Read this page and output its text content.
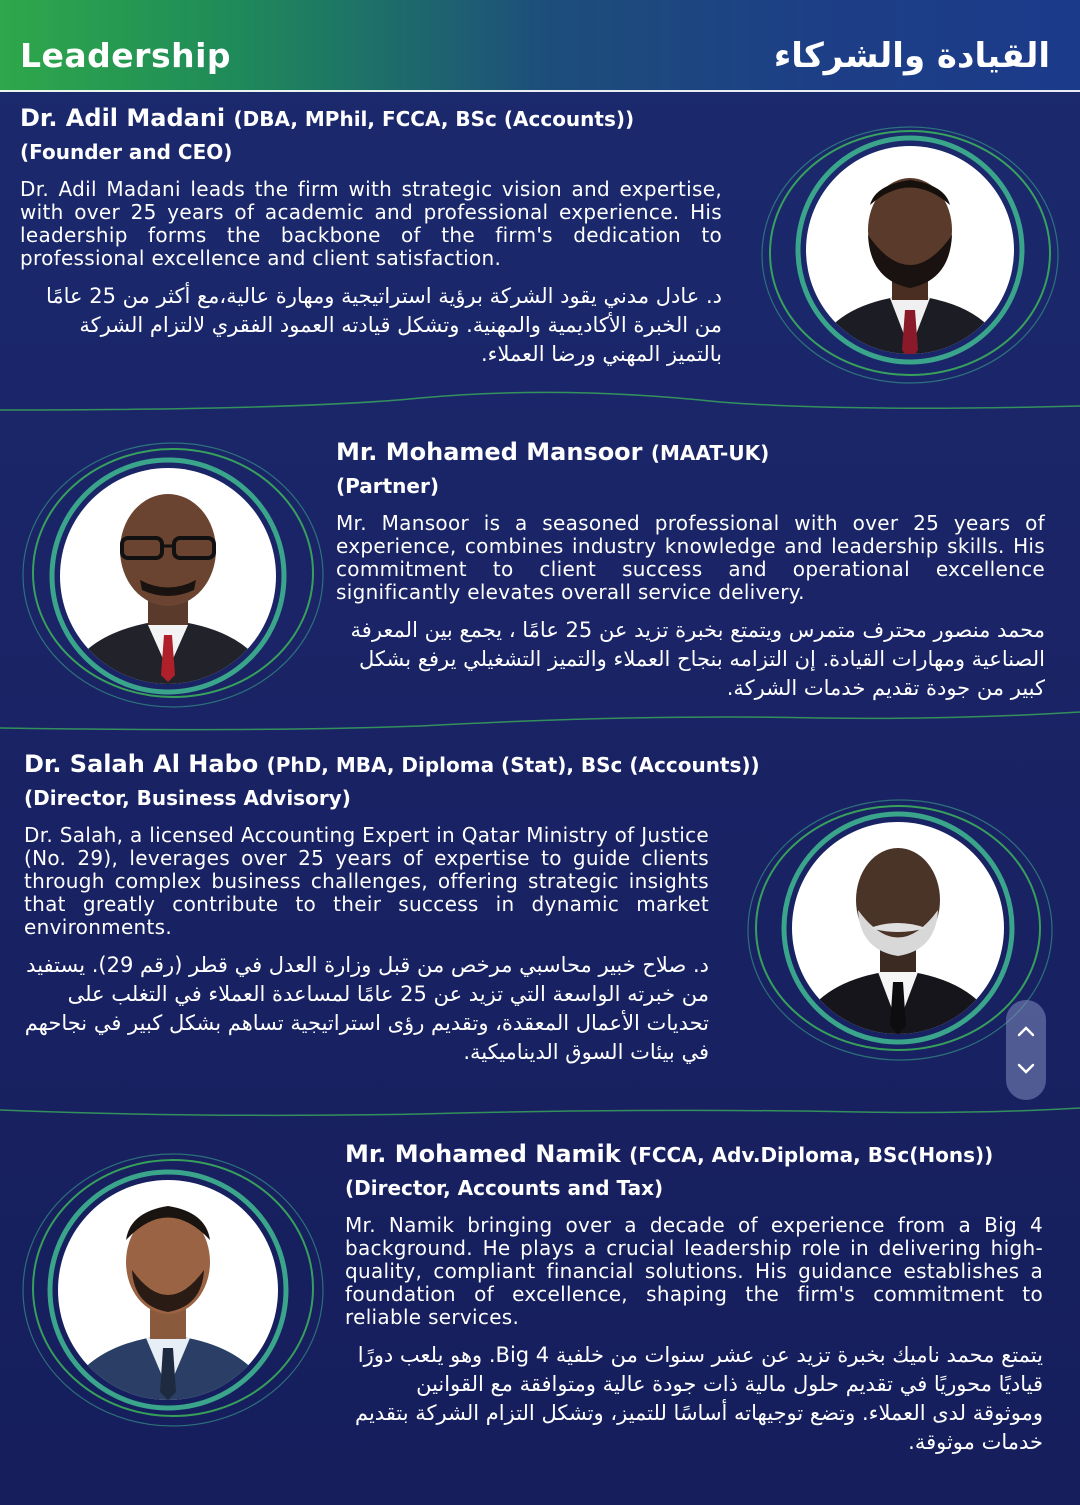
Leadership	القيادة والشركاء
Dr. Adil Madani (DBA, MPhil, FCCA, BSc (Accounts))
(Founder and CEO)
Dr. Adil Madani leads the firm with strategic vision and expertise, with over 25 years of academic and professional experience. His leadership forms the backbone of the firm's dedication to professional excellence and client satisfaction.
د. عادل مدني يقود الشركة برؤية استراتيجية ومهارة عالية،مع أكثر من 25 عامًا من الخبرة الأكاديمية والمهنية. وتشكل قيادته العمود الفقري لالتزام الشركة بالتميز المهني ورضا العملاء.
Mr. Mohamed Mansoor (MAAT-UK)
(Partner)
Mr. Mansoor is a seasoned professional with over 25 years of experience, combines industry knowledge and leadership skills. His commitment to client success and operational excellence significantly elevates overall service delivery.
محمد منصور محترف متمرس ويتمتع بخبرة تزيد عن 25 عامًا ، يجمع بين المعرفة الصناعية ومهارات القيادة. إن التزامه بنجاح العملاء والتميز التشغيلي يرفع بشكل كبير من جودة تقديم خدمات الشركة.
Dr. Salah Al Habo (PhD, MBA, Diploma (Stat), BSc (Accounts))
(Director, Business Advisory)
Dr. Salah, a licensed Accounting Expert in Qatar Ministry of Justice (No. 29), leverages over 25 years of expertise to guide clients through complex business challenges, offering strategic insights that greatly contribute to their success in dynamic market environments.
د. صلاح خبير محاسبي مرخص من قبل وزارة العدل في قطر (رقم 29). يستفيد من خبرته الواسعة التي تزيد عن 25 عامًا لمساعدة العملاء في التغلب على تحديات الأعمال المعقدة، وتقديم رؤى استراتيجية تساهم بشكل كبير في نجاحهم في بيئات السوق الديناميكية.
Mr. Mohamed Namik (FCCA, Adv.Diploma, BSc(Hons))
(Director, Accounts and Tax)
Mr. Namik bringing over a decade of experience from a Big 4 background. He plays a crucial leadership role in delivering high-quality, compliant financial solutions. His guidance establishes a foundation of excellence, shaping the firm's commitment to reliable services.
يتمتع محمد ناميك بخبرة تزيد عن عشر سنوات من خلفية Big 4. وهو يلعب دورًا قياديًا محوريًا في تقديم حلول مالية ذات جودة عالية ومتوافقة مع القوانين وموثوقة لدى العملاء. وتضع توجيهاته أساسًا للتميز، وتشكل التزام الشركة بتقديم خدمات موثوقة.
